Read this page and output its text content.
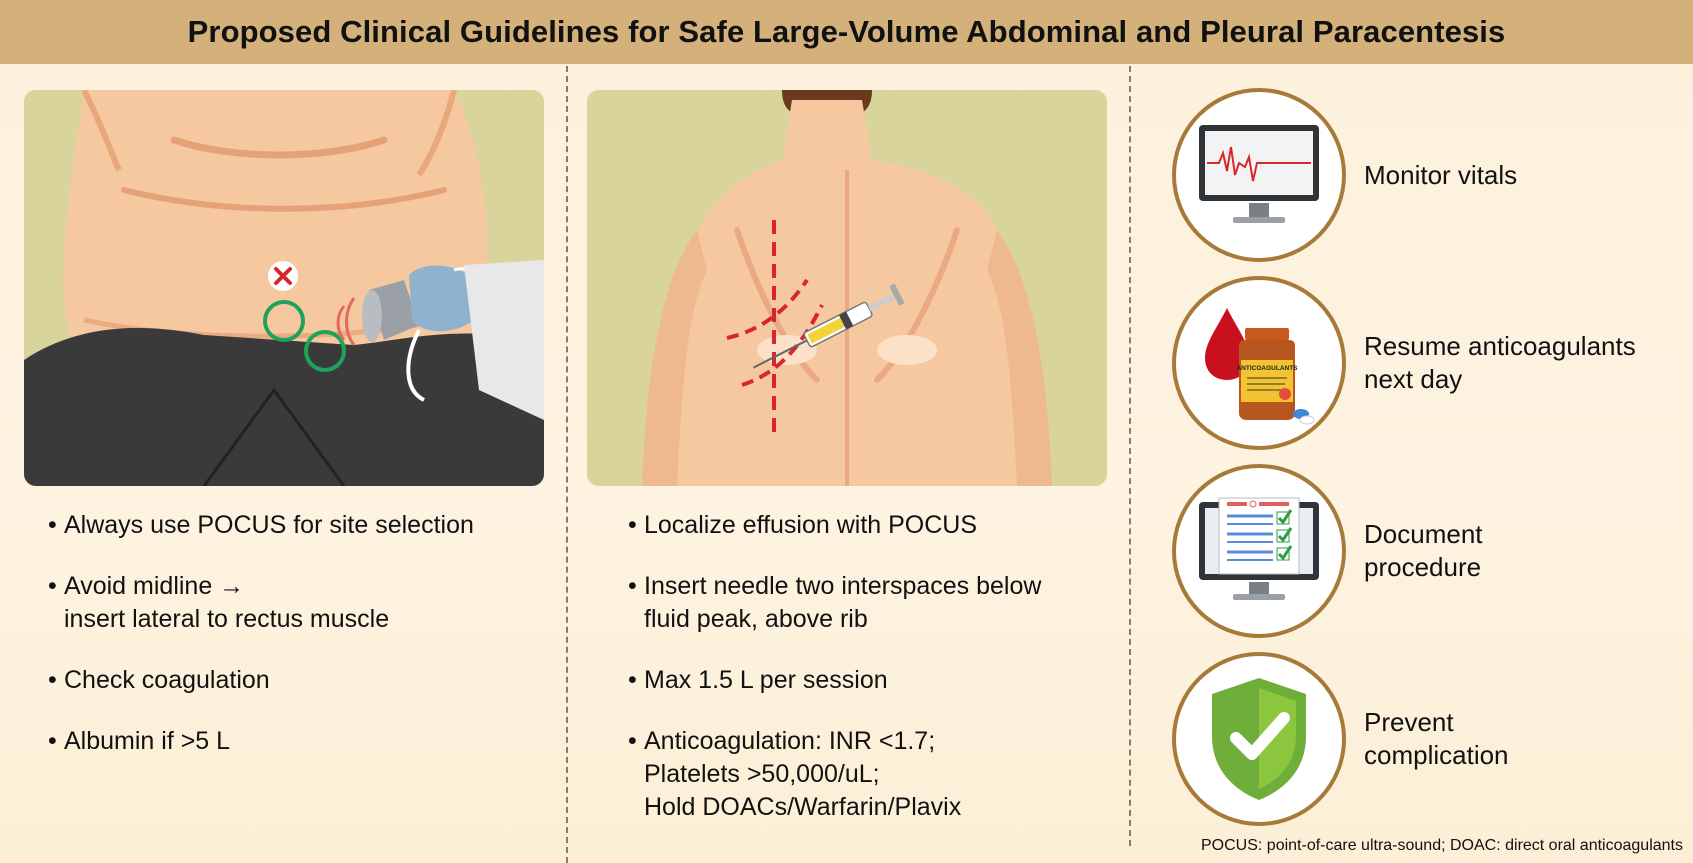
Proposed Clinical Guidelines for Safe Large-Volume Abdominal and Pleural Paracentesis
• Always use POCUS for site selection
• Avoid midline →
insert lateral to rectus muscle
• Check coagulation
• Albumin if >5 L
• Localize effusion with POCUS
• Insert needle two interspaces below
fluid peak, above rib
• Max 1.5 L per session
• Anticoagulation: INR <1.7;
Platelets >50,000/uL;
Hold DOACs/Warfarin/Plavix
Monitor vitals
ANTICOAGULANTS
Resume anticoagulants
next day
Document
procedure
Prevent
complication
POCUS: point-of-care ultra-sound; DOAC: direct oral anticoagulants
